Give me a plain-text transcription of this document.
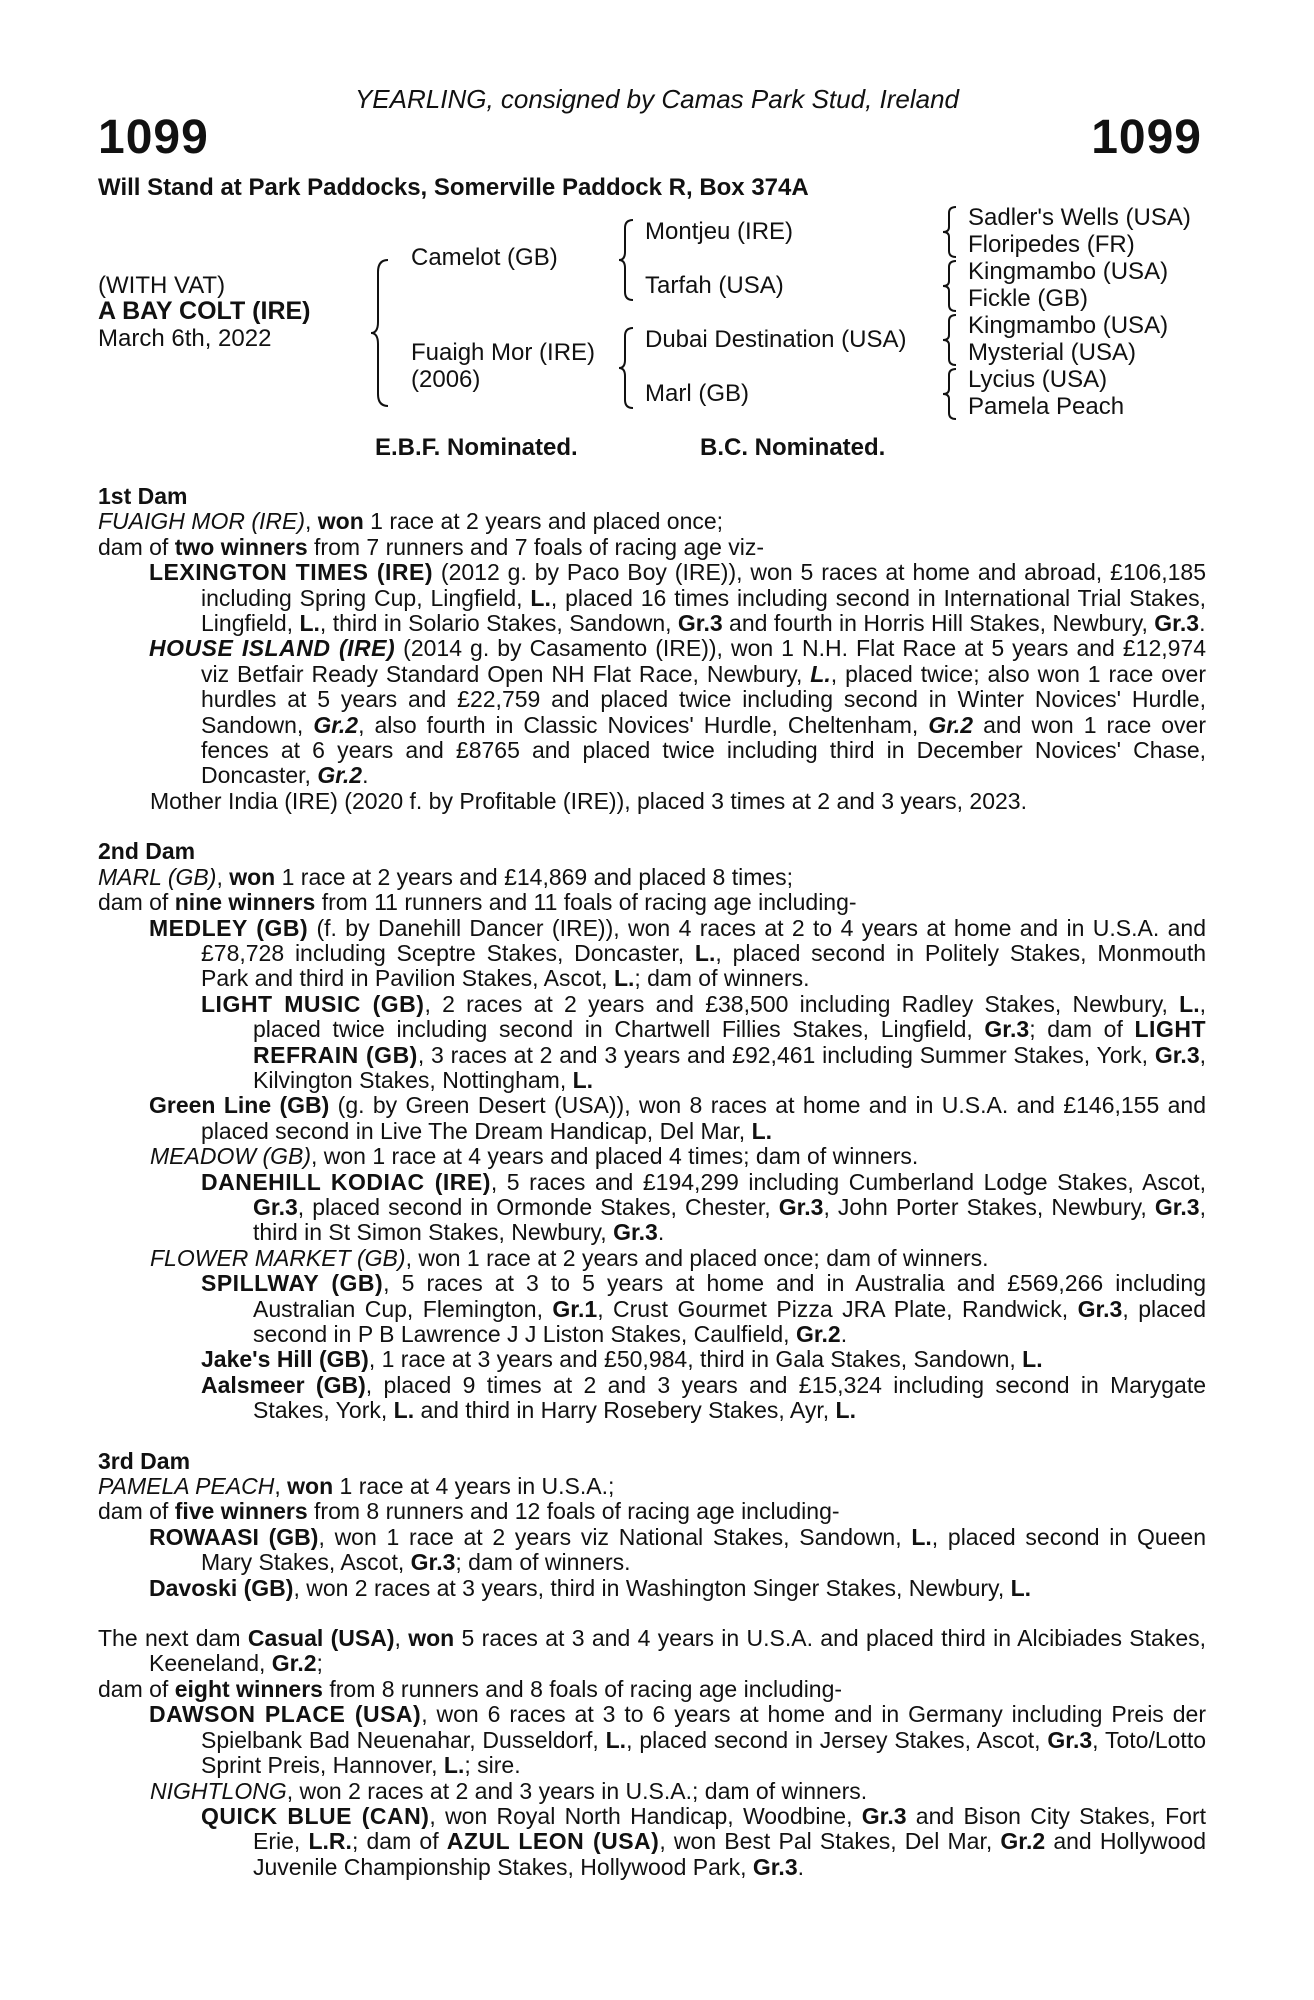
YEARLING, consigned by Camas Park Stud, Ireland
1099	1099
Will Stand at Park Paddocks, Somerville Paddock R, Box 374A
(WITH VAT)
A BAY COLT (IRE)
March 6th, 2022
Camelot (GB)
Fuaigh Mor (IRE)
(2006)
Montjeu (IRE)
Tarfah (USA)
Dubai Destination (USA)
Marl (GB)
Sadler's Wells (USA)
Floripedes (FR)
Kingmambo (USA)
Fickle (GB)
Kingmambo (USA)
Mysterial (USA)
Lycius (USA)
Pamela Peach
E.B.F. Nominated.	B.C. Nominated.
1st Dam

FUAIGH MOR (IRE), won 1 race at 2 years and placed once;

dam of two winners from 7 runners and 7 foals of racing age viz-

LEXINGTON TIMES (IRE) (2012 g. by Paco Boy (IRE)), won 5 races at home and abroad, £106,185 including Spring Cup, Lingfield, L., placed 16 times including second in International Trial Stakes, Lingfield, L., third in Solario Stakes, Sandown, Gr.3 and fourth in Horris Hill Stakes, Newbury, Gr.3.

HOUSE ISLAND (IRE) (2014 g. by Casamento (IRE)), won 1 N.H. Flat Race at 5 years and £12,974 viz Betfair Ready Standard Open NH Flat Race, Newbury, L., placed twice; also won 1 race over hurdles at 5 years and £22,759 and placed twice including second in Winter Novices' Hurdle, Sandown, Gr.2, also fourth in Classic Novices' Hurdle, Cheltenham, Gr.2 and won 1 race over fences at 6 years and £8765 and placed twice including third in December Novices' Chase, Doncaster, Gr.2.

Mother India (IRE) (2020 f. by Profitable (IRE)), placed 3 times at 2 and 3 years, 2023.

2nd Dam

MARL (GB), won 1 race at 2 years and £14,869 and placed 8 times;

dam of nine winners from 11 runners and 11 foals of racing age including-

MEDLEY (GB) (f. by Danehill Dancer (IRE)), won 4 races at 2 to 4 years at home and in U.S.A. and £78,728 including Sceptre Stakes, Doncaster, L., placed second in Politely Stakes, Monmouth Park and third in Pavilion Stakes, Ascot, L.; dam of winners.

LIGHT MUSIC (GB), 2 races at 2 years and £38,500 including Radley Stakes, Newbury, L., placed twice including second in Chartwell Fillies Stakes, Lingfield, Gr.3; dam of LIGHT REFRAIN (GB), 3 races at 2 and 3 years and £92,461 including Summer Stakes, York, Gr.3, Kilvington Stakes, Nottingham, L.

Green Line (GB) (g. by Green Desert (USA)), won 8 races at home and in U.S.A. and £146,155 and placed second in Live The Dream Handicap, Del Mar, L.

MEADOW (GB), won 1 race at 4 years and placed 4 times; dam of winners.

DANEHILL KODIAC (IRE), 5 races and £194,299 including Cumberland Lodge Stakes, Ascot, Gr.3, placed second in Ormonde Stakes, Chester, Gr.3, John Porter Stakes, Newbury, Gr.3, third in St Simon Stakes, Newbury, Gr.3.

FLOWER MARKET (GB), won 1 race at 2 years and placed once; dam of winners.

SPILLWAY (GB), 5 races at 3 to 5 years at home and in Australia and £569,266 including Australian Cup, Flemington, Gr.1, Crust Gourmet Pizza JRA Plate, Randwick, Gr.3, placed second in P B Lawrence J J Liston Stakes, Caulfield, Gr.2.

Jake's Hill (GB), 1 race at 3 years and £50,984, third in Gala Stakes, Sandown, L.

Aalsmeer (GB), placed 9 times at 2 and 3 years and £15,324 including second in Marygate Stakes, York, L. and third in Harry Rosebery Stakes, Ayr, L.

3rd Dam

PAMELA PEACH, won 1 race at 4 years in U.S.A.;

dam of five winners from 8 runners and 12 foals of racing age including-

ROWAASI (GB), won 1 race at 2 years viz National Stakes, Sandown, L., placed second in Queen Mary Stakes, Ascot, Gr.3; dam of winners.

Davoski (GB), won 2 races at 3 years, third in Washington Singer Stakes, Newbury, L.

The next dam Casual (USA), won 5 races at 3 and 4 years in U.S.A. and placed third in Alcibiades Stakes, Keeneland, Gr.2;

dam of eight winners from 8 runners and 8 foals of racing age including-

DAWSON PLACE (USA), won 6 races at 3 to 6 years at home and in Germany including Preis der Spielbank Bad Neuenahar, Dusseldorf, L., placed second in Jersey Stakes, Ascot, Gr.3, Toto/Lotto Sprint Preis, Hannover, L.; sire.

NIGHTLONG, won 2 races at 2 and 3 years in U.S.A.; dam of winners.

QUICK BLUE (CAN), won Royal North Handicap, Woodbine, Gr.3 and Bison City Stakes, Fort Erie, L.R.; dam of AZUL LEON (USA), won Best Pal Stakes, Del Mar, Gr.2 and Hollywood Juvenile Championship Stakes, Hollywood Park, Gr.3.
